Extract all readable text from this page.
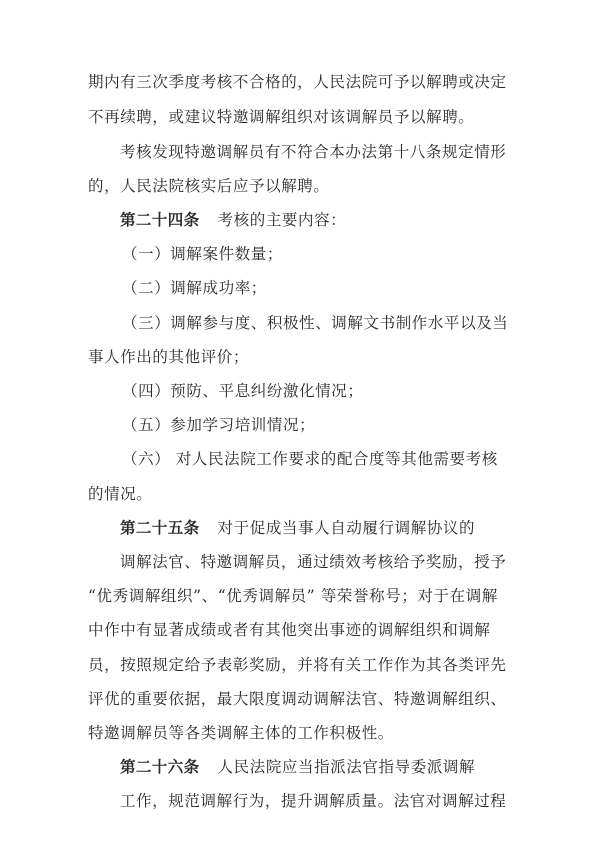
期内有三次季度考核不合格的，人民法院可予以解聘或决定
不再续聘，或建议特邀调解组织对该调解员予以解聘。
考核发现特邀调解员有不符合本办法第十八条规定情形
的，人民法院核实后应予以解聘。
第二十四条 考核的主要内容：
（一）调解案件数量；
（二）调解成功率；
（三）调解参与度、积极性、调解文书制作水平以及当
事人作出的其他评价；
（四）预防、平息纠纷激化情况；
（五）参加学习培训情况；
（六） 对人民法院工作要求的配合度等其他需要考核
的情况。
第二十五条 对于促成当事人自动履行调解协议的
调解法官、特邀调解员，通过绩效考核给予奖励，授予
“优秀调解组织”、“优秀调解员” 等荣誉称号；对于在调解
中作中有显著成绩或者有其他突出事迹的调解组织和调解
员，按照规定给予表彰奖励，并将有关工作作为其各类评先
评优的重要依据，最大限度调动调解法官、特邀调解组织、
特邀调解员等各类调解主体的工作积极性。
第二十六条 人民法院应当指派法官指导委派调解
工作，规范调解行为，提升调解质量。法官对调解过程
